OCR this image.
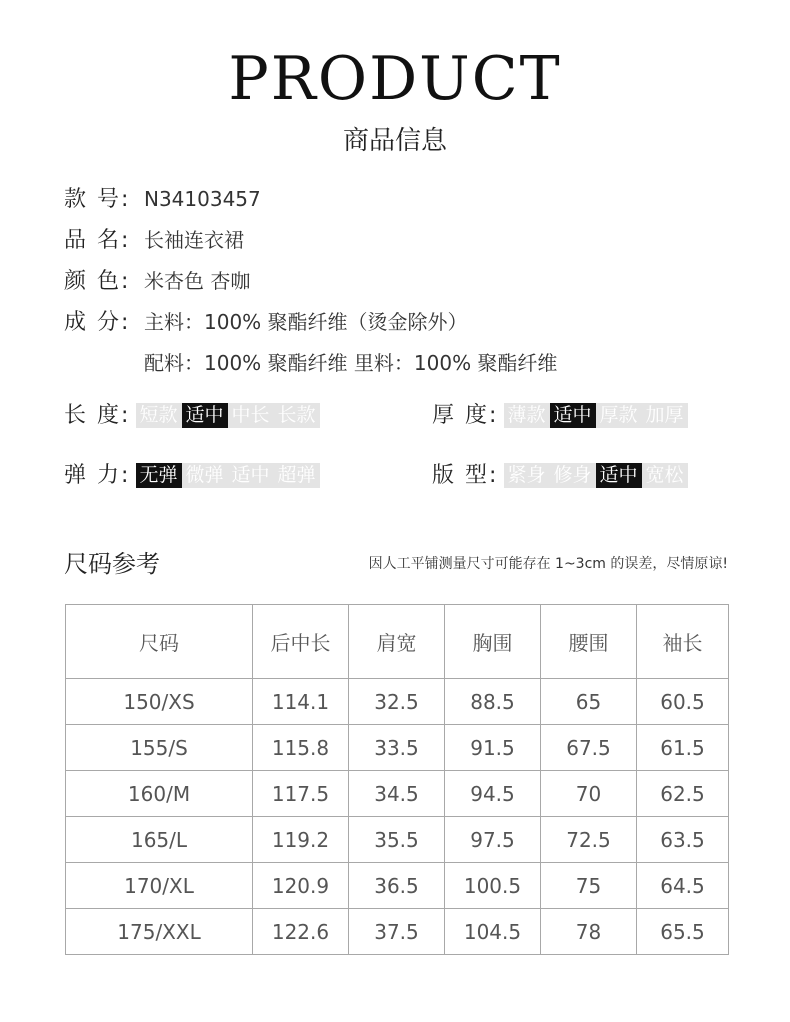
PRODUCT
商品信息
款 号: N34103457
品 名: 长袖连衣裙
颜 色: 米杏色 杏咖
成 分: 主料：100% 聚酯纤维（烫金除外）
配料：100% 聚酯纤维 里料：100% 聚酯纤维
长 度: 短款 适中 中长 长款	厚 度: 薄款 适中 厚款 加厚
弹 力: 无弹 微弹 适中 超弹	版 型: 紧身 修身 适中 宽松
尺码参考	因人工平铺测量尺寸可能存在 1~3cm 的误差，尽情原谅!
尺码	后中长	肩宽	胸围	腰围	袖长
150/XS	114.1	32.5	88.5	65	60.5
155/S	115.8	33.5	91.5	67.5	61.5
160/M	117.5	34.5	94.5	70	62.5
165/L	119.2	35.5	97.5	72.5	63.5
170/XL	120.9	36.5	100.5	75	64.5
175/XXL	122.6	37.5	104.5	78	65.5
